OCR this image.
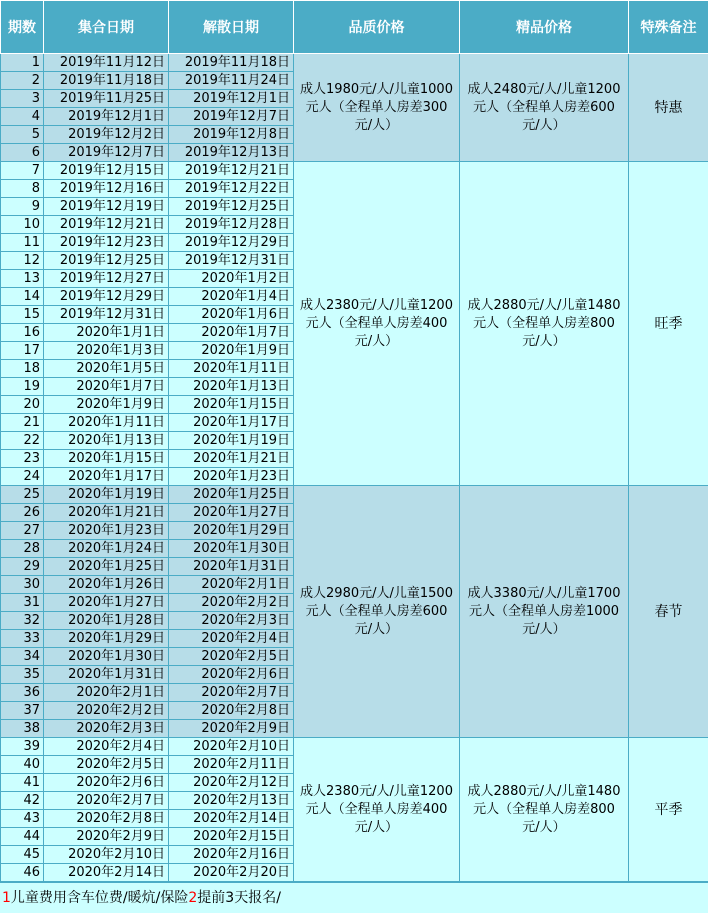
期数	集合日期	解散日期	品质价格	精品价格	特殊备注
1	2019年11月12日	2019年11月18日	成人1980元/人/儿童1000元人（全程单人房差300元/人）	成人2480元/人/儿童1200元人（全程单人房差600元/人）	特惠
2	2019年11月18日	2019年11月24日			
3	2019年11月25日	2019年12月1日			
4	2019年12月1日	2019年12月7日			
5	2019年12月2日	2019年12月8日			
6	2019年12月7日	2019年12月13日			
7	2019年12月15日	2019年12月21日	成人2380元/人/儿童1200元人（全程单人房差400元/人）	成人2880元/人/儿童1480元人（全程单人房差800元/人）	旺季
8	2019年12月16日	2019年12月22日			
9	2019年12月19日	2019年12月25日			
10	2019年12月21日	2019年12月28日			
11	2019年12月23日	2019年12月29日			
12	2019年12月25日	2019年12月31日			
13	2019年12月27日	2020年1月2日			
14	2019年12月29日	2020年1月4日			
15	2019年12月31日	2020年1月6日			
16	2020年1月1日	2020年1月7日			
17	2020年1月3日	2020年1月9日			
18	2020年1月5日	2020年1月11日			
19	2020年1月7日	2020年1月13日			
20	2020年1月9日	2020年1月15日			
21	2020年1月11日	2020年1月17日			
22	2020年1月13日	2020年1月19日			
23	2020年1月15日	2020年1月21日			
24	2020年1月17日	2020年1月23日			
25	2020年1月19日	2020年1月25日	成人2980元/人/儿童1500元人（全程单人房差600元/人）	成人3380元/人/儿童1700元人（全程单人房差1000元/人）	春节
26	2020年1月21日	2020年1月27日			
27	2020年1月23日	2020年1月29日			
28	2020年1月24日	2020年1月30日			
29	2020年1月25日	2020年1月31日			
30	2020年1月26日	2020年2月1日			
31	2020年1月27日	2020年2月2日			
32	2020年1月28日	2020年2月3日			
33	2020年1月29日	2020年2月4日			
34	2020年1月30日	2020年2月5日			
35	2020年1月31日	2020年2月6日			
36	2020年2月1日	2020年2月7日			
37	2020年2月2日	2020年2月8日			
38	2020年2月3日	2020年2月9日			
39	2020年2月4日	2020年2月10日	成人2380元/人/儿童1200元人（全程单人房差400元/人）	成人2880元/人/儿童1480元人（全程单人房差800元/人）	平季
40	2020年2月5日	2020年2月11日			
41	2020年2月6日	2020年2月12日			
42	2020年2月7日	2020年2月13日			
43	2020年2月8日	2020年2月14日			
44	2020年2月9日	2020年2月15日			
45	2020年2月10日	2020年2月16日			
46	2020年2月14日	2020年2月20日			
1儿童费用含车位费/暖炕/保险2提前3天报名/
